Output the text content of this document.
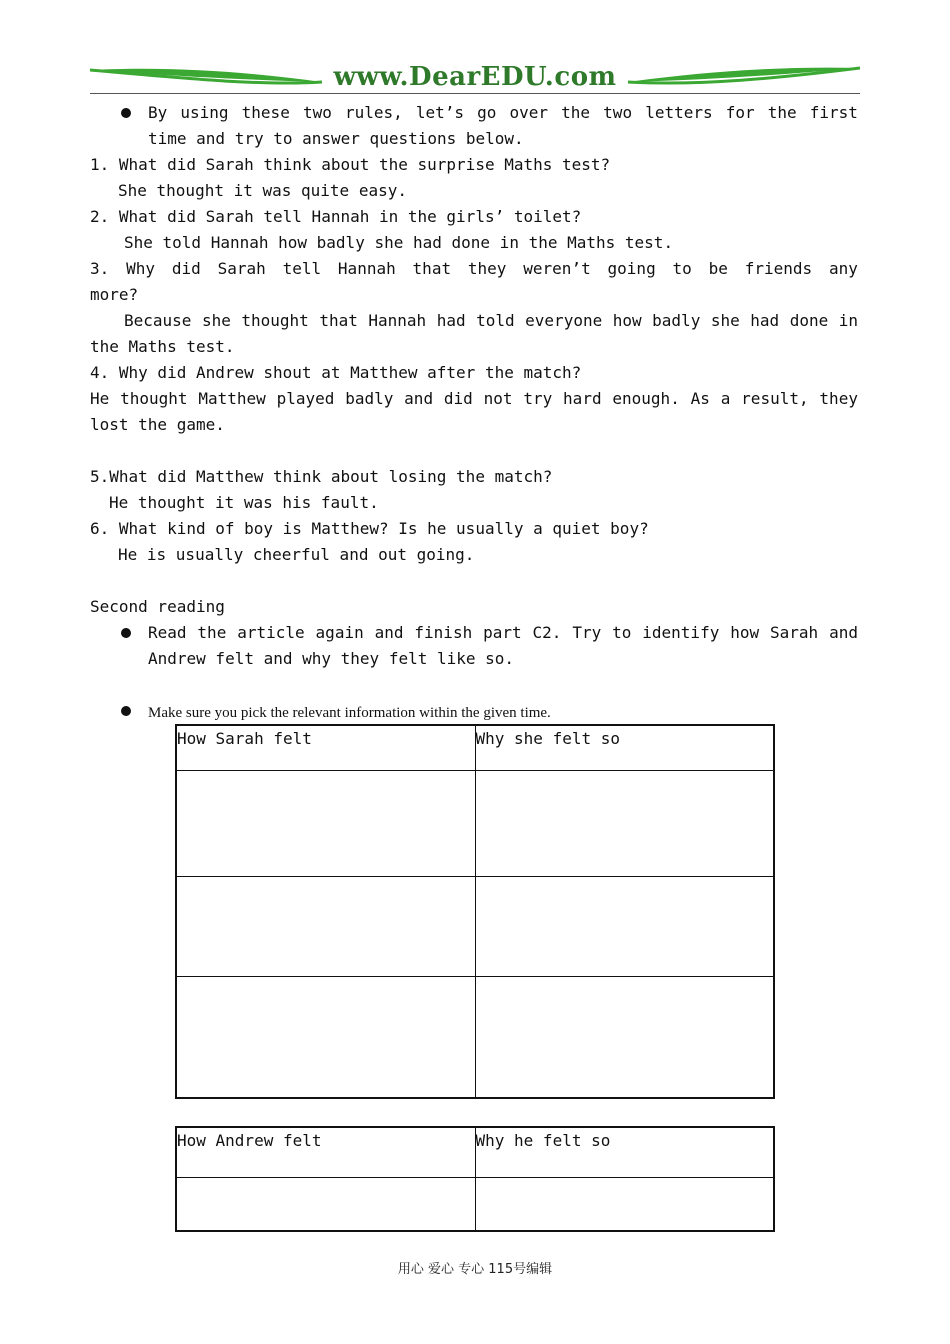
www.DearEDU.com
By using these two rules, let’s go over the two letters for the first
time and try to answer questions below.
1. What did Sarah think about the surprise Maths test?
She thought it was quite easy.
2. What did Sarah tell Hannah in the girls’ toilet?
She told Hannah how badly she had done in the Maths test.
3. Why did Sarah tell Hannah that they weren’t going to be friends any
more?
Because she thought that Hannah had told everyone how badly she had done in
the Maths test.
4. Why did Andrew shout at Matthew after the match?
He thought Matthew played badly and did not try hard enough. As a result, they
lost the game.
5.What did Matthew think about losing the match?
He thought it was his fault.
6. What kind of boy is Matthew? Is he usually a quiet boy?
He is usually cheerful and out going.
Second reading
Read the article again and finish part C2. Try to identify how Sarah and
Andrew felt and why they felt like so.
Make sure you pick the relevant information within the given time.
How Sarah felt	Why she felt so

How Andrew felt	Why he felt so

用心 爱心 专心 115号编辑
